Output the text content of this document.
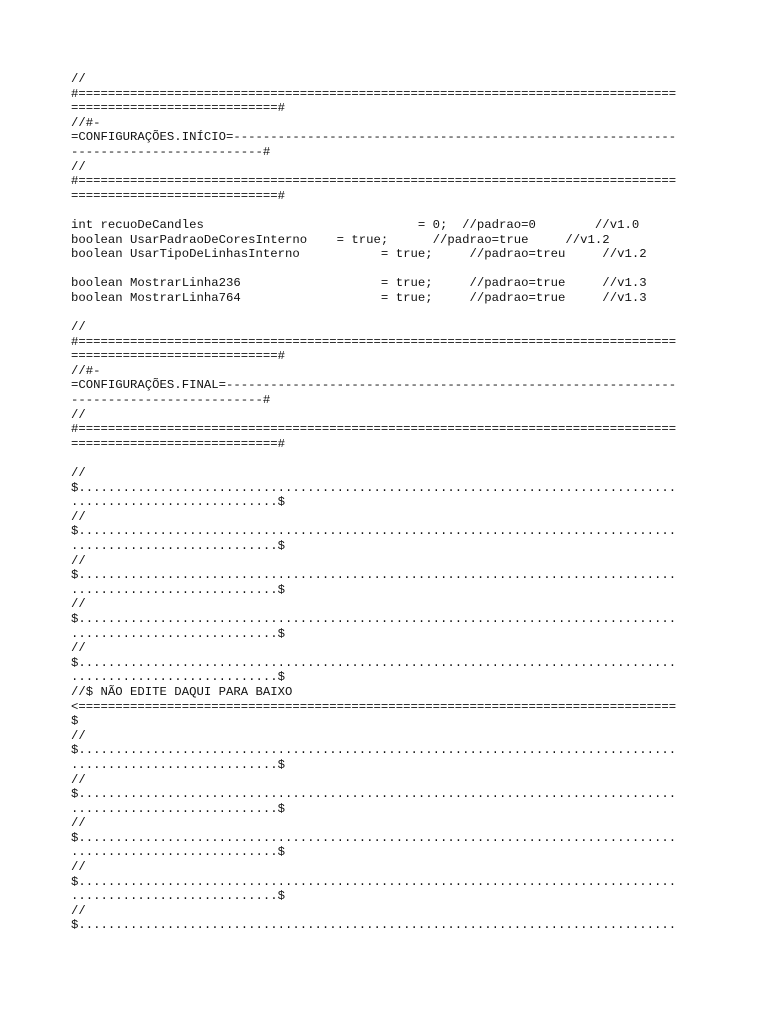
//
#=================================================================================
============================#
//#-
=CONFIGURAÇÕES.INÍCIO=------------------------------------------------------------
--------------------------#
//
#=================================================================================
============================#
int recuoDeCandles                             = 0;  //padrao=0        //v1.0
boolean UsarPadraoDeCoresInterno    = true;      //padrao=true     //v1.2
boolean UsarTipoDeLinhasInterno           = true;     //padrao=treu     //v1.2
boolean MostrarLinha236                   = true;     //padrao=true     //v1.3
boolean MostrarLinha764                   = true;     //padrao=true     //v1.3
//
#=================================================================================
============================#
//#-
=CONFIGURAÇÕES.FINAL=-------------------------------------------------------------
--------------------------#
//
#=================================================================================
============================#
//
$.................................................................................
............................$
//
$.................................................................................
............................$
//
$.................................................................................
............................$
//
$.................................................................................
............................$
//
$.................................................................................
............................$
//$ NÃO EDITE DAQUI PARA BAIXO
<=================================================================================
$
//
$.................................................................................
............................$
//
$.................................................................................
............................$
//
$.................................................................................
............................$
//
$.................................................................................
............................$
//
$.................................................................................
